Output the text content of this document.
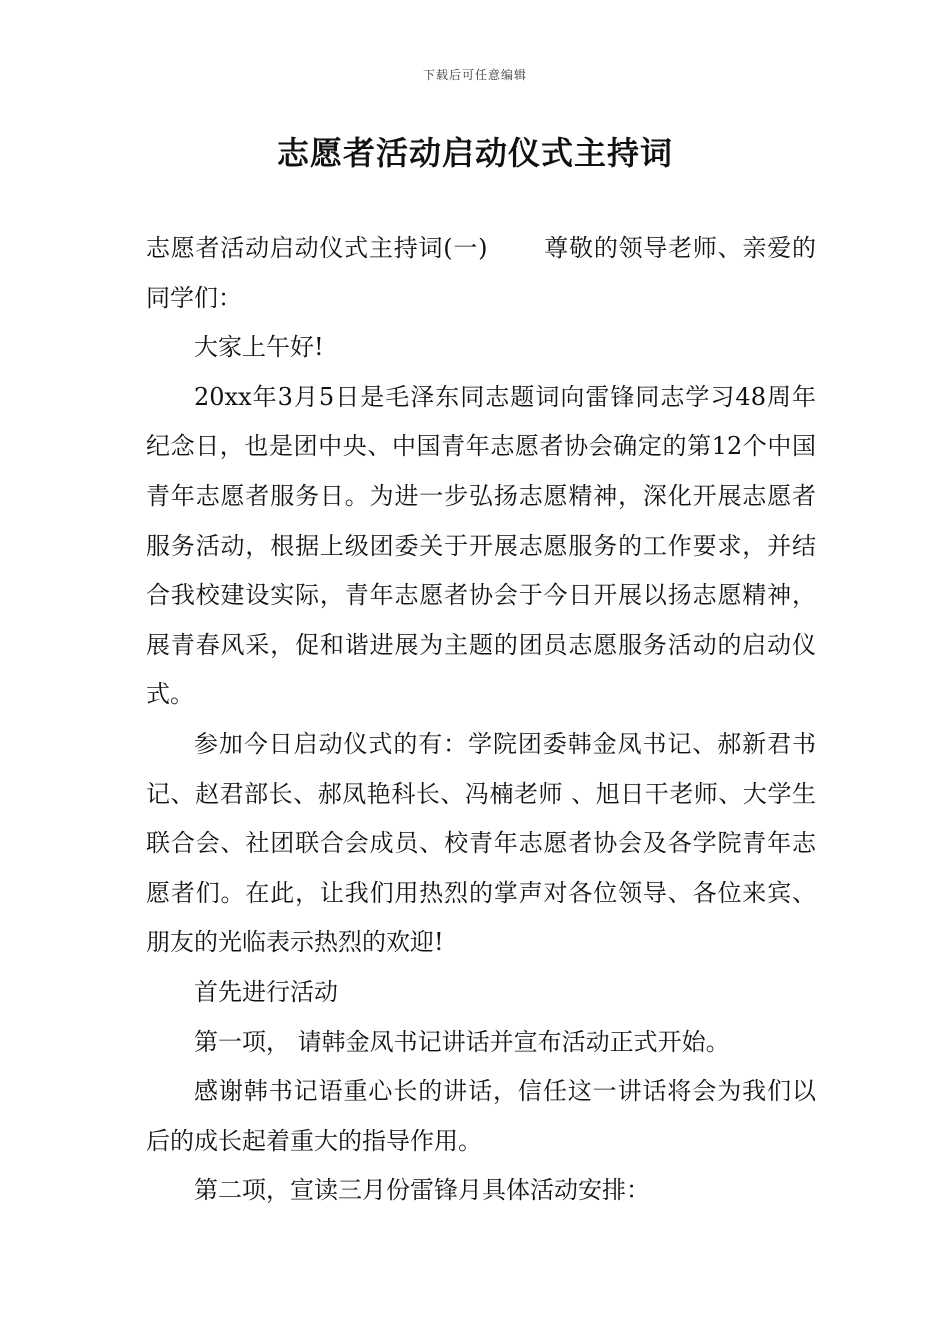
下载后可任意编辑
志愿者活动启动仪式主持词

志愿者活动启动仪式主持词(一) 尊敬的领导老师、亲爱的同学们：

大家上午好!

20xx年3月5日是毛泽东同志题词向雷锋同志学习48周年纪念日，也是团中央、中国青年志愿者协会确定的第12个中国青年志愿者服务日。为进一步弘扬志愿精神，深化开展志愿者服务活动，根据上级团委关于开展志愿服务的工作要求，并结合我校建设实际，青年志愿者协会于今日开展以扬志愿精神，展青春风采，促和谐进展为主题的团员志愿服务活动的启动仪式。

参加今日启动仪式的有：学院团委韩金凤书记、郝新君书记、赵君部长、郝凤艳科长、冯楠老师 、旭日干老师、大学生联合会、社团联合会成员、校青年志愿者协会及各学院青年志愿者们。在此，让我们用热烈的掌声对各位领导、各位来宾、朋友的光临表示热烈的欢迎!

首先进行活动

第一项， 请韩金凤书记讲话并宣布活动正式开始。

感谢韩书记语重心长的讲话，信任这一讲话将会为我们以后的成长起着重大的指导作用。

第二项，宣读三月份雷锋月具体活动安排：
